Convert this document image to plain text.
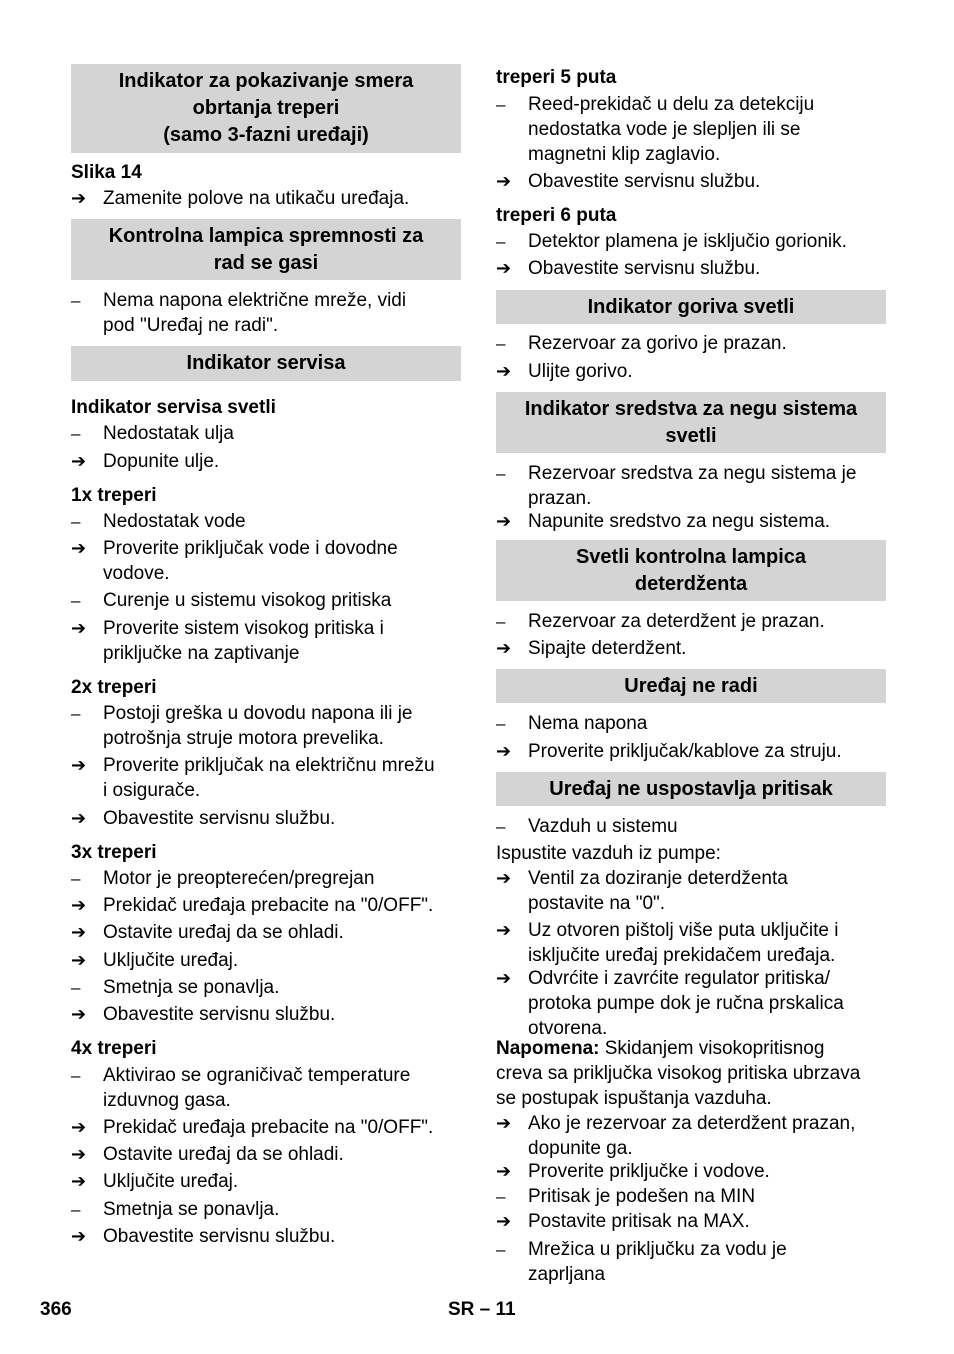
Indikator za pokazivanje smera
obrtanja treperi
(samo 3-fazni uređaji)
Slika 14
➔ Zamenite polove na utikaču uređaja.
Kontrolna lampica spremnosti za
rad se gasi
–	Nema napona električne mreže, vidi
pod "Uređaj ne radi".
Indikator servisa
Indikator servisa svetli
–	Nedostatak ulja
➔ Dopunite ulje.
1x treperi
–	Nedostatak vode
➔ Proverite priključak vode i dovodne
vodove.
–	Curenje u sistemu visokog pritiska
➔ Proverite sistem visokog pritiska i
priključke na zaptivanje
2x treperi
–	Postoji greška u dovodu napona ili je
potrošnja struje motora prevelika.
➔ Proverite priključak na električnu mrežu
i osigurače.
➔ Obavestite servisnu službu.
3x treperi
–	Motor je preopterećen/pregrejan
➔ Prekidač uređaja prebacite na "0/OFF".
➔ Ostavite uređaj da se ohladi.
➔ Uključite uređaj.
–	Smetnja se ponavlja.
➔ Obavestite servisnu službu.
4x treperi
–	Aktivirao se ograničivač temperature
izduvnog gasa.
➔ Prekidač uređaja prebacite na "0/OFF".
➔ Ostavite uređaj da se ohladi.
➔ Uključite uređaj.
–	Smetnja se ponavlja.
➔ Obavestite servisnu službu.
treperi 5 puta
–	Reed-prekidač u delu za detekciju
nedostatka vode je slepljen ili se
magnetni klip zaglavio.
➔ Obavestite servisnu službu.
treperi 6 puta
–	Detektor plamena je isključio gorionik.
➔ Obavestite servisnu službu.
Indikator goriva svetli
–	Rezervoar za gorivo je prazan.
➔ Ulijte gorivo.
Indikator sredstva za negu sistema
svetli
–	Rezervoar sredstva za negu sistema je
prazan.
➔ Napunite sredstvo za negu sistema.
Svetli kontrolna lampica
deterdženta
–	Rezervoar za deterdžent je prazan.
➔ Sipajte deterdžent.
Uređaj ne radi
–	Nema napona
➔ Proverite priključak/kablove za struju.
Uređaj ne uspostavlja pritisak
–	Vazduh u sistemu
Ispustite vazduh iz pumpe:
➔ Ventil za doziranje deterdženta
postavite na "0".
➔ Uz otvoren pištolj više puta uključite i
isključite uređaj prekidačem uređaja.
➔ Odvrćite i zavrćite regulator pritiska/
protoka pumpe dok je ručna prskalica
otvorena.
Napomena: Skidanjem visokopritisnog
creva sa priključka visokog pritiska ubrzava
se postupak ispuštanja vazduha.
➔ Ako je rezervoar za deterdžent prazan,
dopunite ga.
➔ Proverite priključke i vodove.
–	Pritisak je podešen na MIN
➔ Postavite pritisak na MAX.
–	Mrežica u priključku za vodu je
zaprljana
366	SR – 11
